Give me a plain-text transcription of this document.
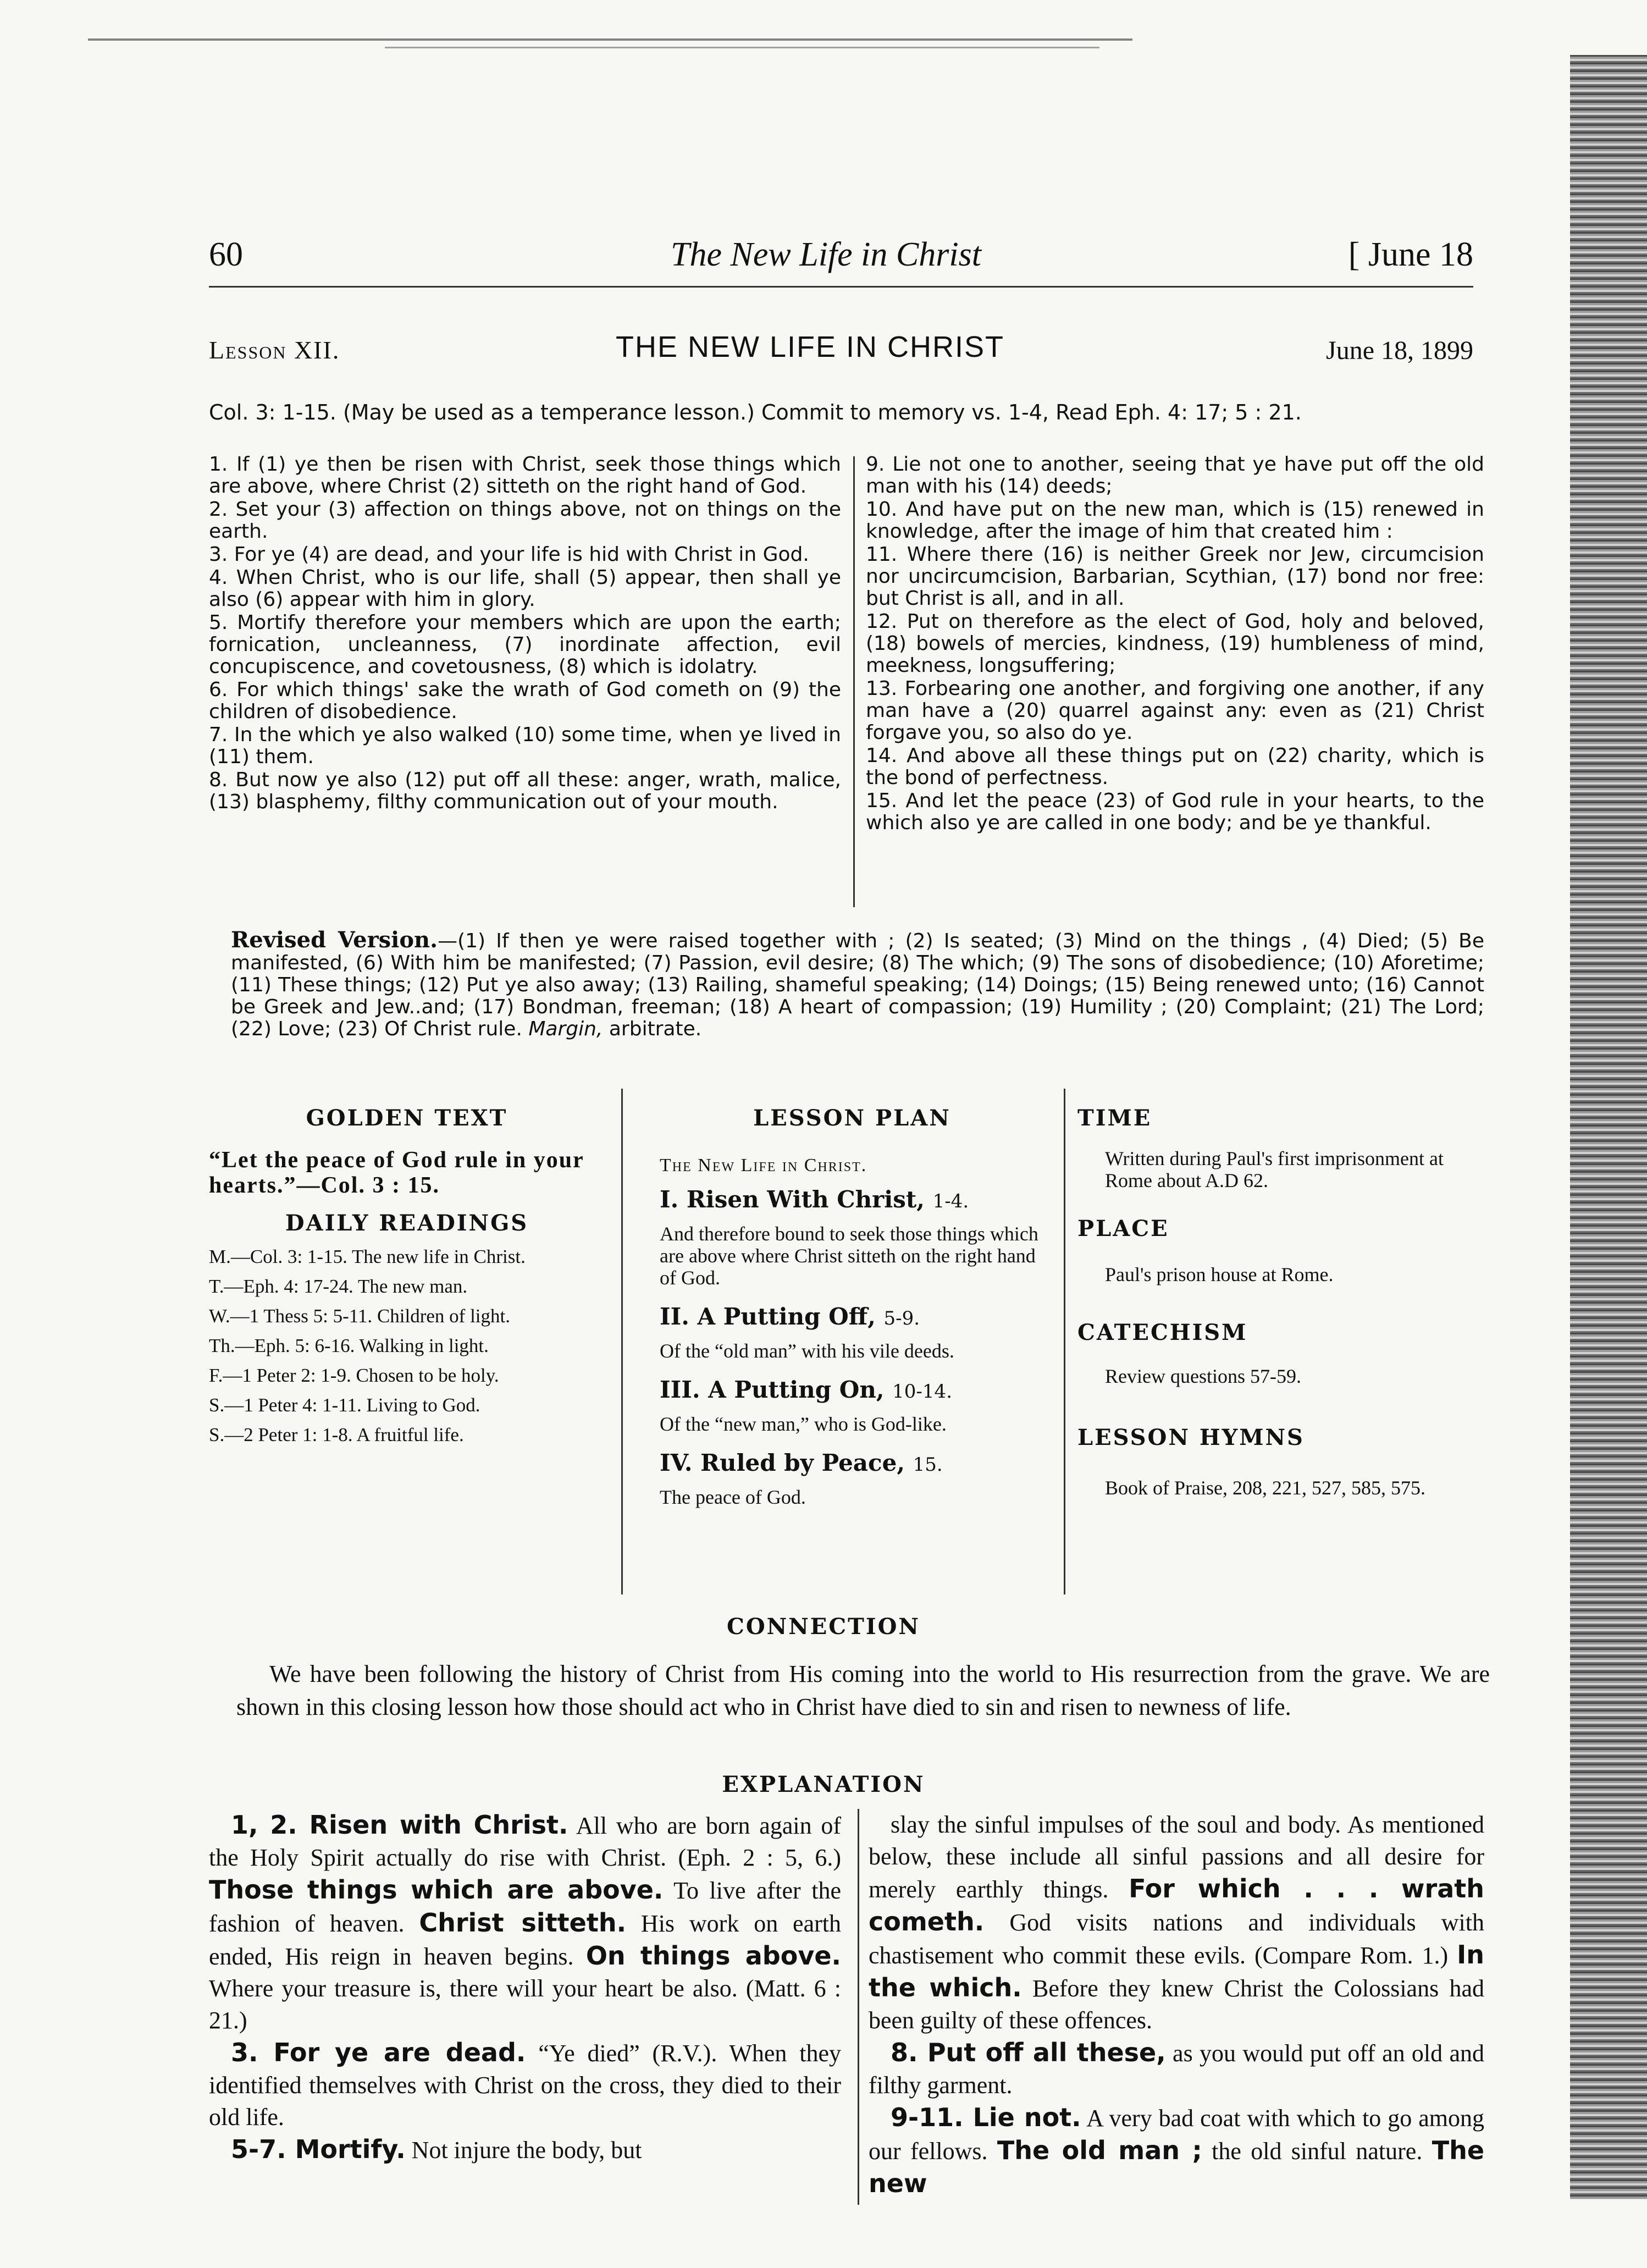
60	The New Life in Christ	[ June 18
Lesson XII.	THE NEW LIFE IN CHRIST	June 18, 1899
Col. 3: 1-15. (May be used as a temperance lesson.) Commit to memory vs. 1-4, Read Eph. 4: 17; 5 : 21.

1. If (1) ye then be risen with Christ, seek those things which are above, where Christ (2) sitteth on the right hand of God.

2. Set your (3) affection on things above, not on things on the earth.

3. For ye (4) are dead, and your life is hid with Christ in God.

4. When Christ, who is our life, shall (5) appear, then shall ye also (6) appear with him in glory.

5. Mortify therefore your members which are upon the earth; fornication, uncleanness, (7) inordinate affection, evil concupiscence, and covetousness, (8) which is idolatry.

6. For which things' sake the wrath of God cometh on (9) the children of disobedience.

7. In the which ye also walked (10) some time, when ye lived in (11) them.

8. But now ye also (12) put off all these: anger, wrath, malice, (13) blasphemy, filthy communication out of your mouth.

9. Lie not one to another, seeing that ye have put off the old man with his (14) deeds;

10. And have put on the new man, which is (15) renewed in knowledge, after the image of him that created him :

11. Where there (16) is neither Greek nor Jew, circumcision nor uncircumcision, Barbarian, Scythian, (17) bond nor free: but Christ is all, and in all.

12. Put on therefore as the elect of God, holy and beloved, (18) bowels of mercies, kindness, (19) humbleness of mind, meekness, longsuffering;

13. Forbearing one another, and forgiving one another, if any man have a (20) quarrel against any: even as (21) Christ forgave you, so also do ye.

14. And above all these things put on (22) charity, which is the bond of perfectness.

15. And let the peace (23) of God rule in your hearts, to the which also ye are called in one body; and be ye thankful.

Revised Version.—(1) If then ye were raised together with ; (2) Is seated; (3) Mind on the things , (4) Died; (5) Be manifested, (6) With him be manifested; (7) Passion, evil desire; (8) The which; (9) The sons of disobedience; (10) Aforetime; (11) These things; (12) Put ye also away; (13) Railing, shameful speaking; (14) Doings; (15) Being renewed unto; (16) Cannot be Greek and Jew..and; (17) Bondman, freeman; (18) A heart of compassion; (19) Humility ; (20) Complaint; (21) The Lord; (22) Love; (23) Of Christ rule. Margin, arbitrate.
GOLDEN TEXT
“Let the peace of God rule in your hearts.”—Col. 3 : 15.
DAILY READINGS
M.—Col. 3: 1-15. The new life in Christ.
T.—Eph. 4: 17-24. The new man.
W.—1 Thess 5: 5-11. Children of light.
Th.—Eph. 5: 6-16. Walking in light.
F.—1 Peter 2: 1-9. Chosen to be holy.
S.—1 Peter 4: 1-11. Living to God.
S.—2 Peter 1: 1-8. A fruitful life.
LESSON PLAN
The New Life in Christ.
I. Risen With Christ, 1-4.
And therefore bound to seek those things which are above where Christ sitteth on the right hand of God.
II. A Putting Off, 5-9.
Of the “old man” with his vile deeds.
III. A Putting On, 10-14.
Of the “new man,” who is God-like.
IV. Ruled by Peace, 15.
The peace of God.
TIME
Written during Paul's first imprisonment at Rome about A.D 62.
PLACE
Paul's prison house at Rome.
CATECHISM
Review questions 57-59.
LESSON HYMNS
Book of Praise, 208, 221, 527, 585, 575.
CONNECTION
We have been following the history of Christ from His coming into the world to His resurrection from the grave. We are shown in this closing lesson how those should act who in Christ have died to sin and risen to newness of life.
EXPLANATION

1, 2. Risen with Christ. All who are born again of the Holy Spirit actually do rise with Christ. (Eph. 2 : 5, 6.) Those things which are above. To live after the fashion of heaven. Christ sitteth. His work on earth ended, His reign in heaven begins. On things above. Where your treasure is, there will your heart be also. (Matt. 6 : 21.)

3. For ye are dead. “Ye died” (R.V.). When they identified themselves with Christ on the cross, they died to their old life.

5-7. Mortify. Not injure the body, but

slay the sinful impulses of the soul and body. As mentioned below, these include all sinful passions and all desire for merely earthly things. For which . . . wrath cometh. God visits nations and individuals with chastisement who commit these evils. (Compare Rom. 1.) In the which. Before they knew Christ the Colossians had been guilty of these offences.

8. Put off all these, as you would put off an old and filthy garment.

9-11. Lie not. A very bad coat with which to go among our fellows. The old man ; the old sinful nature. The new
